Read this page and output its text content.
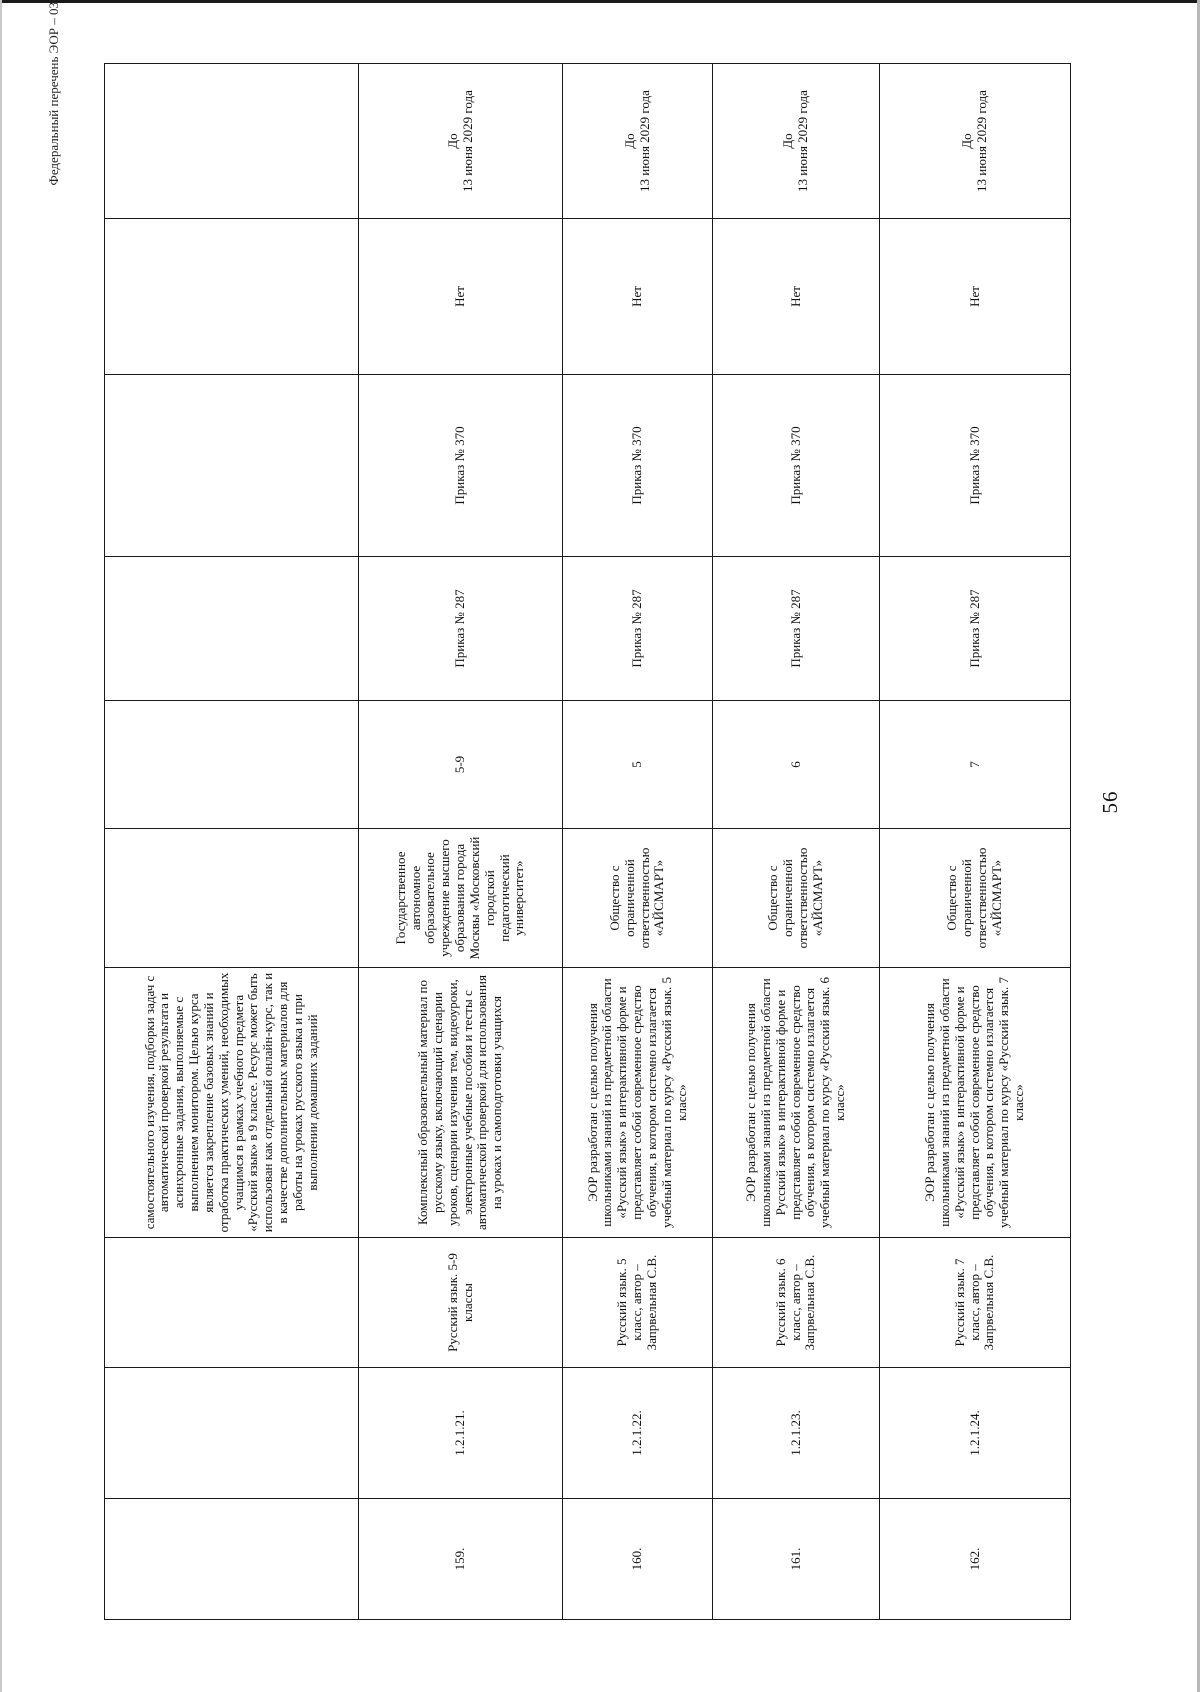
56
Федеральный перечень ЭОР – 03

			самостоятельного изучения, подборки задач с автоматической проверкой результата и асинхронные задания, выполняемые с выполнением монитором. Целью курса является закрепление базовых знаний и отработка практических умений, необходимых учащимся в рамках учебного предмета «Русский язык» в 9 классе. Ресурс может быть использован как отдельный онлайн-курс, так и в качестве дополнительных материалов для работы на уроках русского языка и при выполнении домашних заданий						

159.	1.2.1.21.	Русский язык. 5-9 классы	Комплексный образовательный материал по русскому языку, включающий сценарии уроков, сценарии изучения тем, видеоуроки, электронные учебные пособия и тесты с автоматической проверкой для использования на уроках и самоподготовки учащихся	Государственное автономное образовательное учреждение высшего образования города Москвы «Московский городской педагогический университет»	5-9	Приказ № 287	Приказ № 370	Нет	До 13 июня 2029 года

160.	1.2.1.22.	Русский язык. 5 класс, автор – Запрвельная С.В.	ЭОР разработан с целью получения школьниками знаний из предметной области «Русский язык» в интерактивной форме и представляет собой современное средство обучения, в котором системно излагается учебный материал по курсу «Русский язык. 5 класс»	Общество с ограниченной ответственностью «АЙСМАРТ»	5	Приказ № 287	Приказ № 370	Нет	До 13 июня 2029 года

161.	1.2.1.23.	Русский язык. 6 класс, автор – Запрвельная С.В.	ЭОР разработан с целью получения школьниками знаний из предметной области Русский язык» в интерактивной форме и представляет собой современное средство обучения, в котором системно излагается учебный материал по курсу «Русский язык. 6 класс»	Общество с ограниченной ответственностью «АЙСМАРТ»	6	Приказ № 287	Приказ № 370	Нет	До 13 июня 2029 года

162.	1.2.1.24.	Русский язык. 7 класс, автор – Запрвельная С.В.	ЭОР разработан с целью получения школьниками знаний из предметной области «Русский язык» в интерактивной форме и представляет собой современное средство обучения, в котором системно излагается учебный материал по курсу «Русский язык. 7 класс»	Общество с ограниченной ответственностью «АЙСМАРТ»	7	Приказ № 287	Приказ № 370	Нет	До 13 июня 2029 года
